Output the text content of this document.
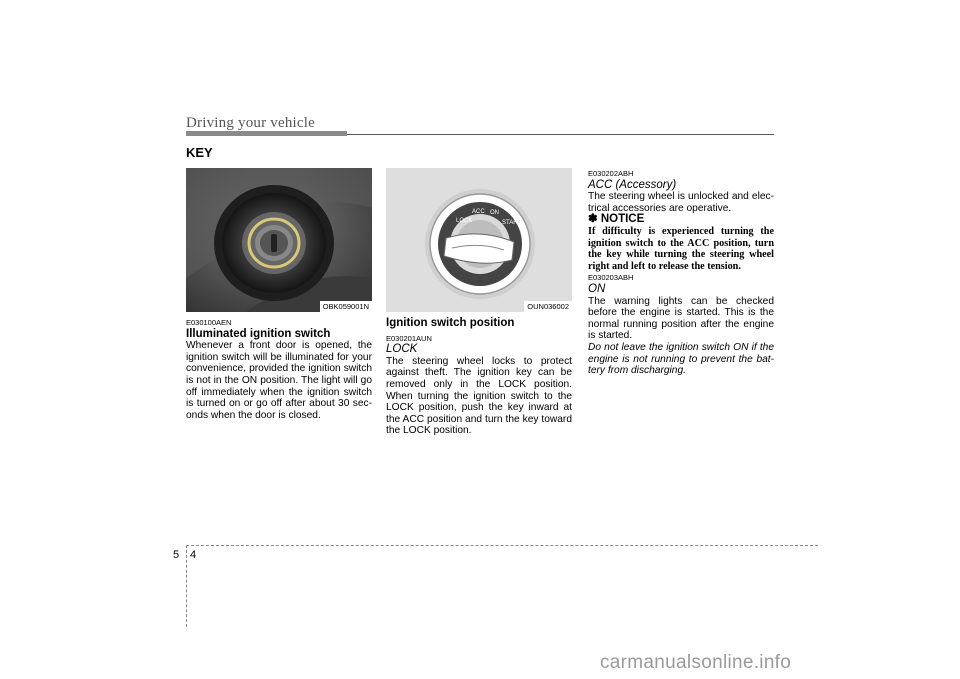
Driving your vehicle
KEY
OBK059001N
LOCK
ACC ON
START
OUN036002

E030100AEN

Illuminated ignition switch

Whenever a front door is opened, the ignition switch will be illuminated for your convenience, provided the ignition switch is not in the ON position. The light will go off immediately when the ignition switch is turned on or go off after about 30 sec-onds when the door is closed.

Ignition switch position

E030201AUN

LOCK

The steering wheel locks to protect against theft. The ignition key can be removed only in the LOCK position. When turning the ignition switch to the LOCK position, push the key inward at the ACC position and turn the key toward the LOCK position.

E030202ABH

ACC (Accessory)

The steering wheel is unlocked and elec-trical accessories are operative.

✽ NOTICE

If difficulty is experienced turning the ignition switch to the ACC position, turn the key while turning the steering wheel right and left to release the tension.

E030203ABH

ON

The warning lights can be checked before the engine is started. This is the normal running position after the engine is started.

Do not leave the ignition switch ON if the engine is not running to prevent the bat-tery from discharging.

5 4
carmanualsonline.info
